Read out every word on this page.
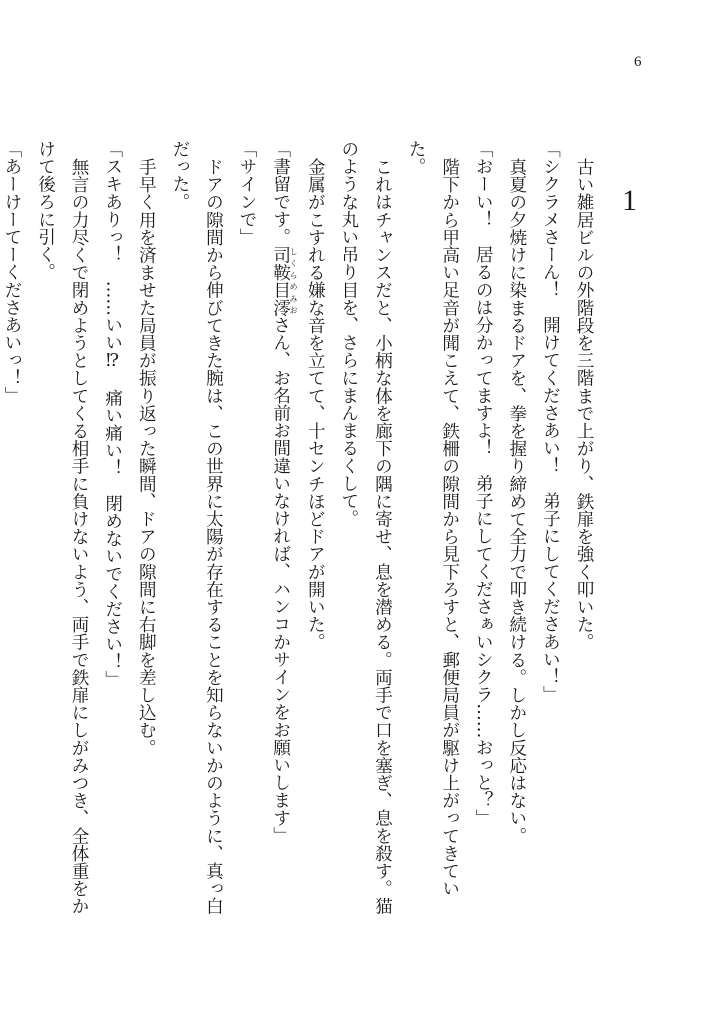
6
1

古い雑居ビルの外階段を三階まで上がり、鉄扉を強く叩いた。

「シクラメさーん！　開けてくださあい！　弟子にしてくださあい！」

真夏の夕焼けに染まるドアを、拳を握り締めて全力で叩き続ける。しかし反応はない。

「おーい！　居るのは分かってますよ！　弟子にしてくださぁいシクラ……おっと？」

階下から甲高い足音が聞こえて、鉄柵の隙間から見下ろすと、郵便局員が駆け上がってきていた。

これはチャンスだと、小柄な体を廊下の隅に寄せ、息を潜める。両手で口を塞ぎ、息を殺す。猫のような丸い吊り目を、さらにまんまるくして。

金属がこすれる嫌な音を立てて、十センチほどドアが開いた。

「書留です。司鞍目澪しくらめみおさん、お名前お間違いなければ、ハンコかサインをお願いします」

「サインで」

ドアの隙間から伸びてきた腕は、この世界に太陽が存在することを知らないかのように、真っ白だった。

手早く用を済ませた局員が振り返った瞬間、ドアの隙間に右脚を差し込む。

「スキありっ！　……いい⁉　痛い痛い！　閉めないでください！」

無言の力尽くで閉めようとしてくる相手に負けないよう、両手で鉄扉にしがみつき、全体重をかけて後ろに引く。

「あーけーてーくださあいっ！」
